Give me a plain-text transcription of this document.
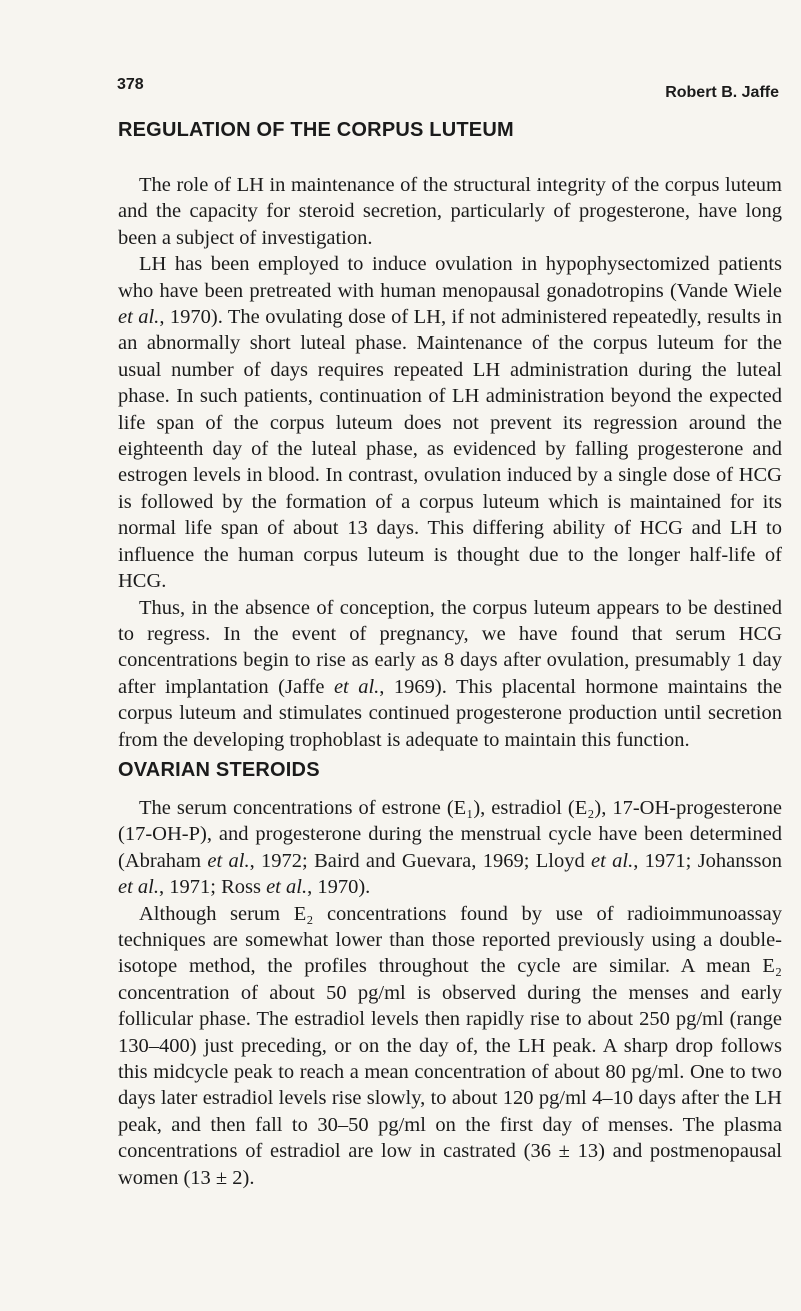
378	Robert B. Jaffe
REGULATION OF THE CORPUS LUTEUM

The role of LH in maintenance of the structural integrity of the corpus luteum and the capacity for steroid secretion, particularly of progesterone, have long been a subject of investigation.

LH has been employed to induce ovulation in hypophysectomized patients who have been pretreated with human menopausal gonadotropins (Vande Wiele et al., 1970). The ovulating dose of LH, if not administered repeatedly, results in an abnormally short luteal phase. Maintenance of the corpus luteum for the usual number of days requires repeated LH administration during the luteal phase. In such patients, continuation of LH administration beyond the expected life span of the corpus luteum does not prevent its regression around the eighteenth day of the luteal phase, as evidenced by falling progesterone and estrogen levels in blood. In contrast, ovulation induced by a single dose of HCG is followed by the formation of a corpus luteum which is maintained for its normal life span of about 13 days. This differing ability of HCG and LH to influence the human corpus luteum is thought due to the longer half-life of HCG.

Thus, in the absence of conception, the corpus luteum appears to be destined to regress. In the event of pregnancy, we have found that serum HCG concentrations begin to rise as early as 8 days after ovulation, presumably 1 day after implantation (Jaffe et al., 1969). This placental hormone maintains the corpus luteum and stimulates continued progesterone production until secretion from the developing trophoblast is adequate to maintain this function.

OVARIAN STEROIDS

The serum concentrations of estrone (E₁), estradiol (E₂), 17-OH-progesterone (17-OH-P), and progesterone during the menstrual cycle have been determined (Abraham et al., 1972; Baird and Guevara, 1969; Lloyd et al., 1971; Johansson et al., 1971; Ross et al., 1970).

Although serum E₂ concentrations found by use of radioimmunoassay techniques are somewhat lower than those reported previously using a double-isotope method, the profiles throughout the cycle are similar. A mean E₂ concentration of about 50 pg/ml is observed during the menses and early follicular phase. The estradiol levels then rapidly rise to about 250 pg/ml (range 130–400) just preceding, or on the day of, the LH peak. A sharp drop follows this midcycle peak to reach a mean concentration of about 80 pg/ml. One to two days later estradiol levels rise slowly, to about 120 pg/ml 4–10 days after the LH peak, and then fall to 30–50 pg/ml on the first day of menses. The plasma concentrations of estradiol are low in castrated (36 ± 13) and postmenopausal women (13 ± 2).
